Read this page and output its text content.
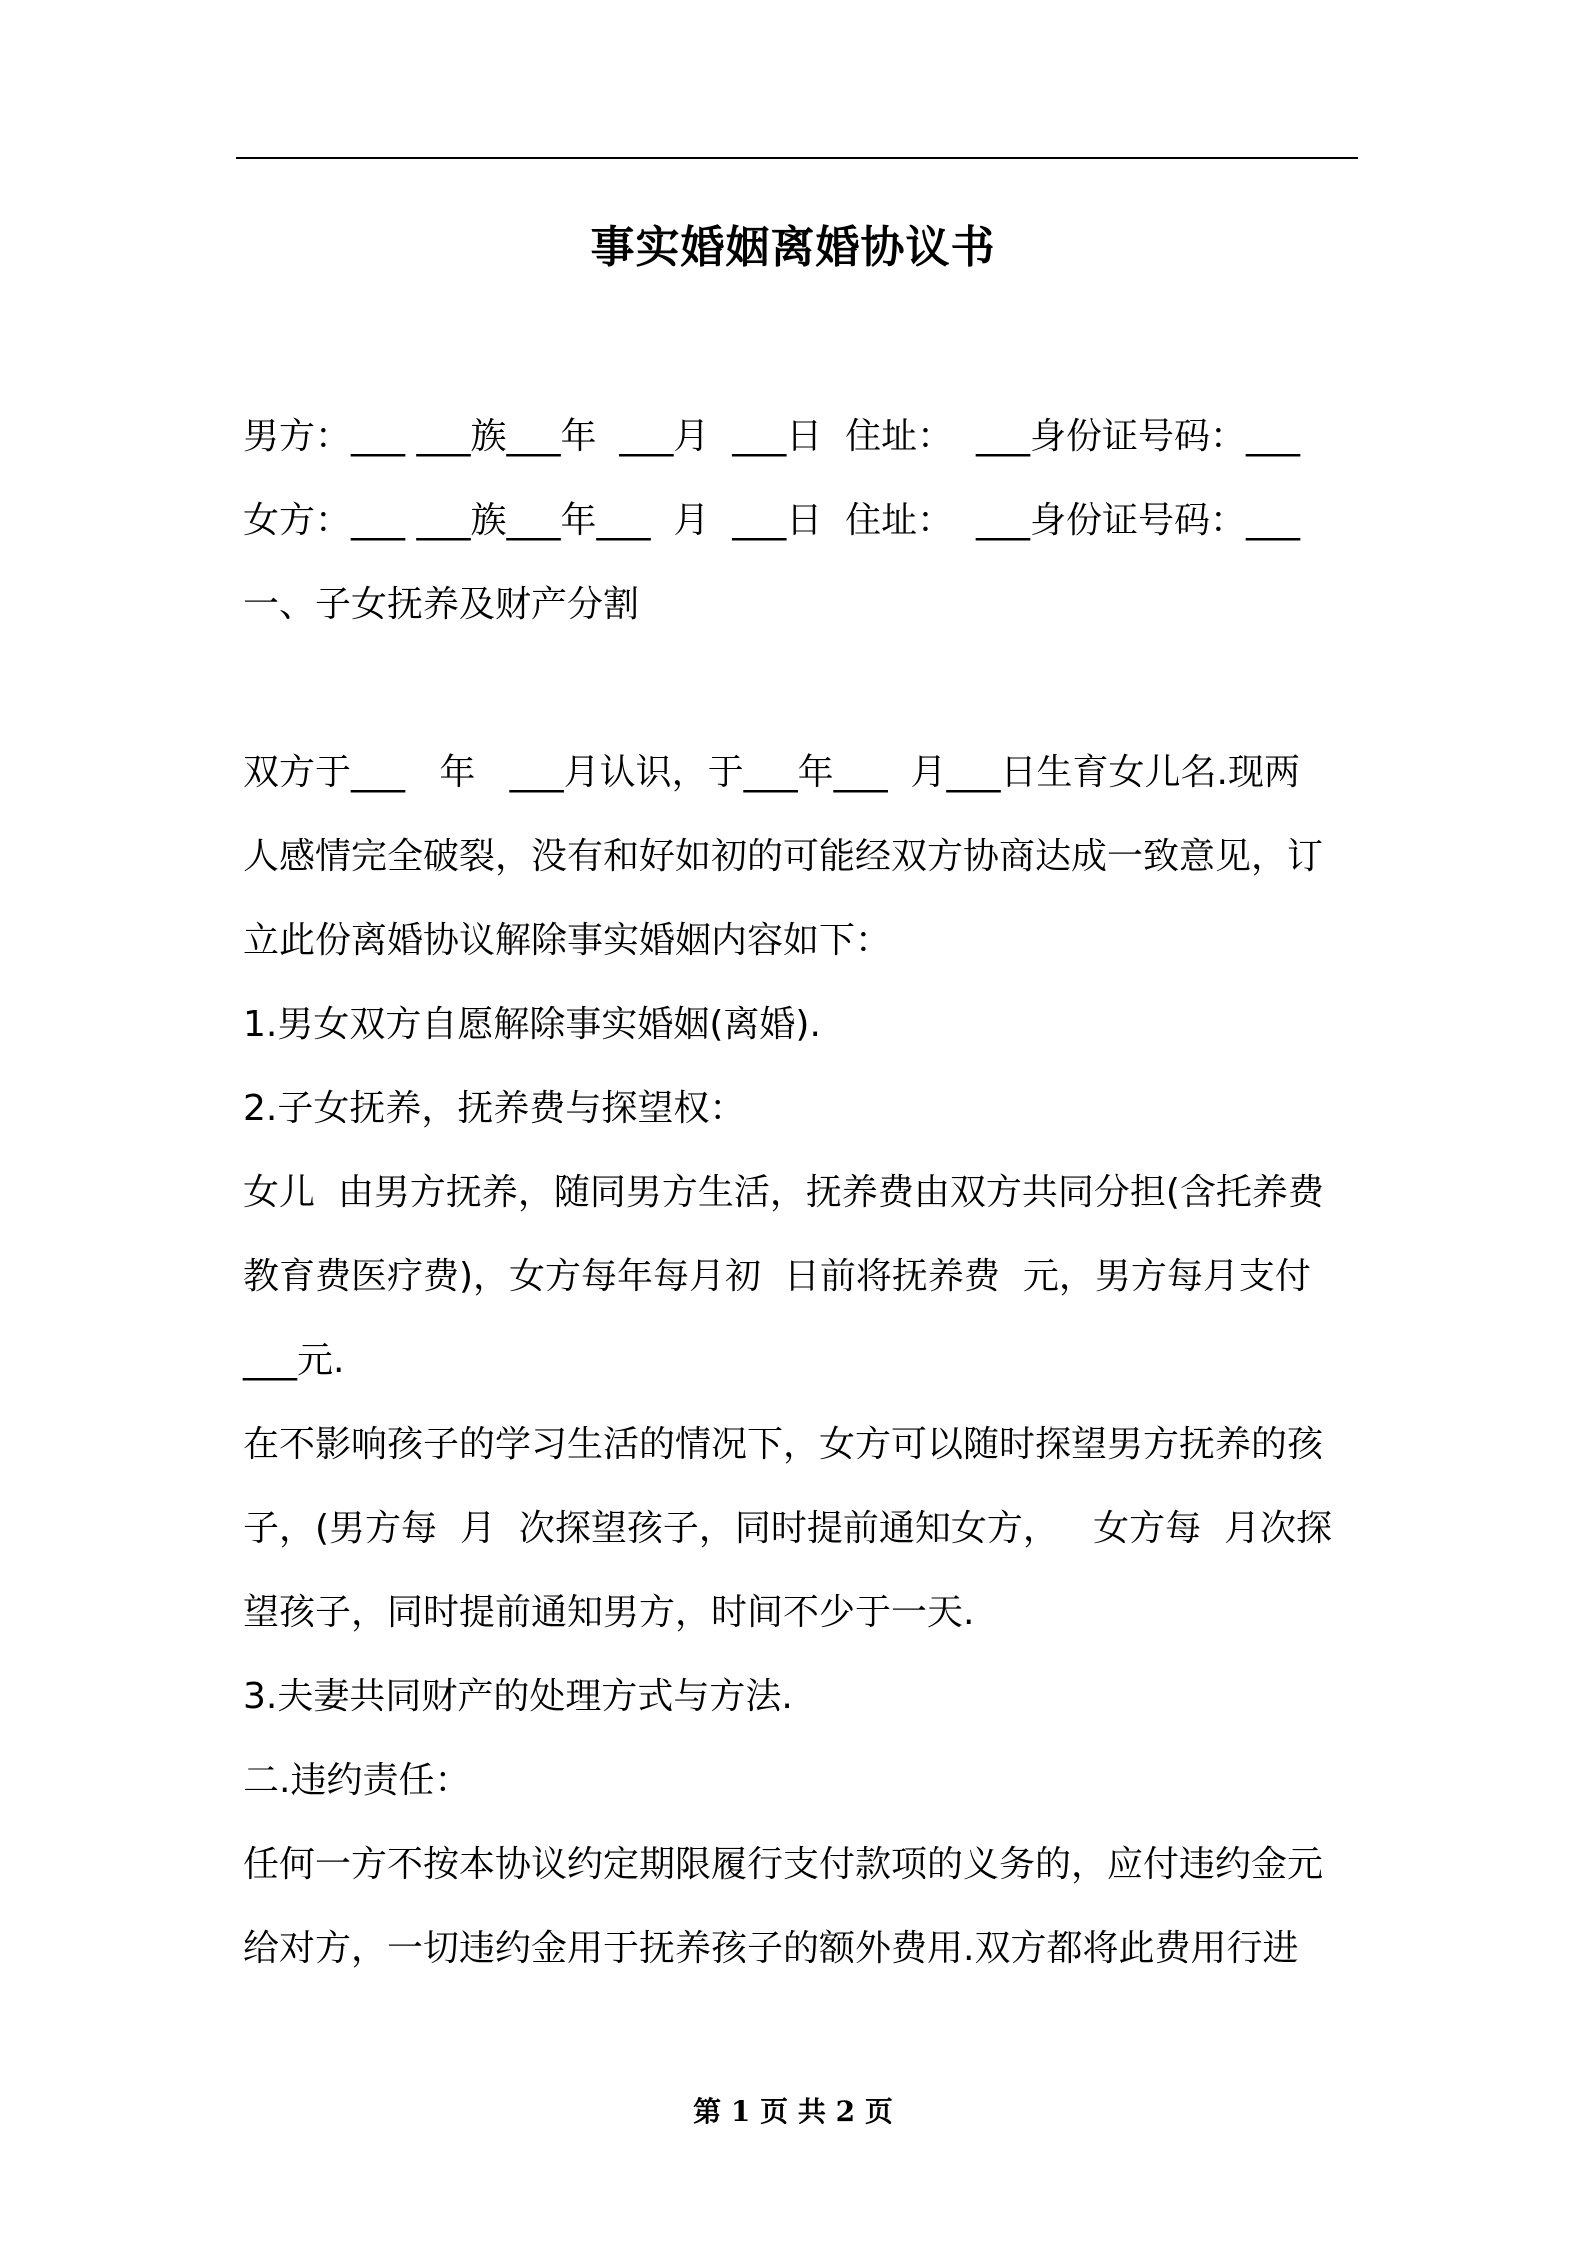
事实婚姻离婚协议书
男方：___ ___族___年  ___月  ___日  住址：  ___身份证号码：___
女方：___ ___族___年___  月  ___日  住址：  ___身份证号码：___
一、子女抚养及财产分割
双方于___   年   ___月认识，于___年___  月___日生育女儿名.现两
人感情完全破裂，没有和好如初的可能经双方协商达成一致意见，订
立此份离婚协议解除事实婚姻内容如下：
1.男女双方自愿解除事实婚姻(离婚).
2.子女抚养，抚养费与探望权：
女儿  由男方抚养，随同男方生活，抚养费由双方共同分担(含托养费
教育费医疗费)，女方每年每月初  日前将抚养费  元，男方每月支付
___元.
在不影响孩子的学习生活的情况下，女方可以随时探望男方抚养的孩
子，(男方每  月  次探望孩子，同时提前通知女方，   女方每  月次探
望孩子，同时提前通知男方，时间不少于一天.
3.夫妻共同财产的处理方式与方法.
二.违约责任：
任何一方不按本协议约定期限履行支付款项的义务的，应付违约金元
给对方，一切违约金用于抚养孩子的额外费用.双方都将此费用行进
第 1 页 共 2 页
